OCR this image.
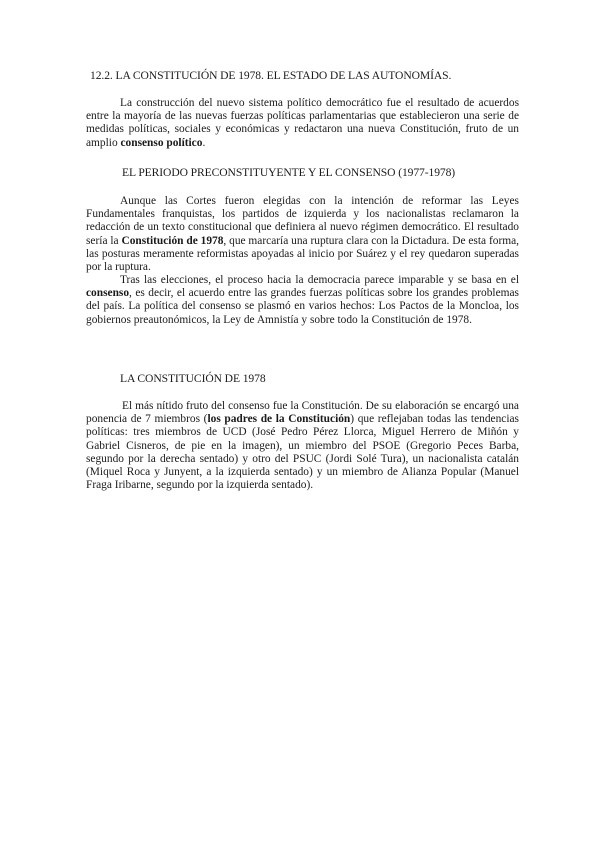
12.2. LA CONSTITUCIÓN DE 1978. EL ESTADO DE LAS AUTONOMÍAS.

La construcción del nuevo sistema político democrático fue el resultado de acuerdos entre la mayoría de las nuevas fuerzas políticas parlamentarias que establecieron una serie de medidas políticas, sociales y económicas y redactaron una nueva Constitución, fruto de un amplio consenso político.

EL PERIODO PRECONSTITUYENTE Y EL CONSENSO (1977-1978)

Aunque las Cortes fueron elegidas con la intención de reformar las Leyes Fundamentales franquistas, los partidos de izquierda y los nacionalistas reclamaron la redacción de un texto constitucional que definiera al nuevo régimen democrático. El resultado sería la Constitución de 1978, que marcaría una ruptura clara con la Dictadura. De esta forma, las posturas meramente reformistas apoyadas al inicio por Suárez y el rey quedaron superadas por la ruptura.

Tras las elecciones, el proceso hacia la democracia parece imparable y se basa en el consenso, es decir, el acuerdo entre las grandes fuerzas políticas sobre los grandes problemas del país. La política del consenso se plasmó en varios hechos: Los Pactos de la Moncloa, los gobiernos preautonómicos, la Ley de Amnistía y sobre todo la Constitución de 1978.

LA CONSTITUCIÓN DE 1978

El más nítido fruto del consenso fue la Constitución. De su elaboración se encargó una ponencia de 7 miembros (los padres de la Constitución) que reflejaban todas las tendencias políticas: tres miembros de UCD (José Pedro Pérez Llorca, Miguel Herrero de Miñón y Gabriel Cisneros, de pie en la imagen), un miembro del PSOE (Gregorio Peces Barba, segundo por la derecha sentado) y otro del PSUC (Jordi Solé Tura), un nacionalista catalán (Miquel Roca y Junyent, a la izquierda sentado) y un miembro de Alianza Popular (Manuel Fraga Iribarne, segundo por la izquierda sentado).
